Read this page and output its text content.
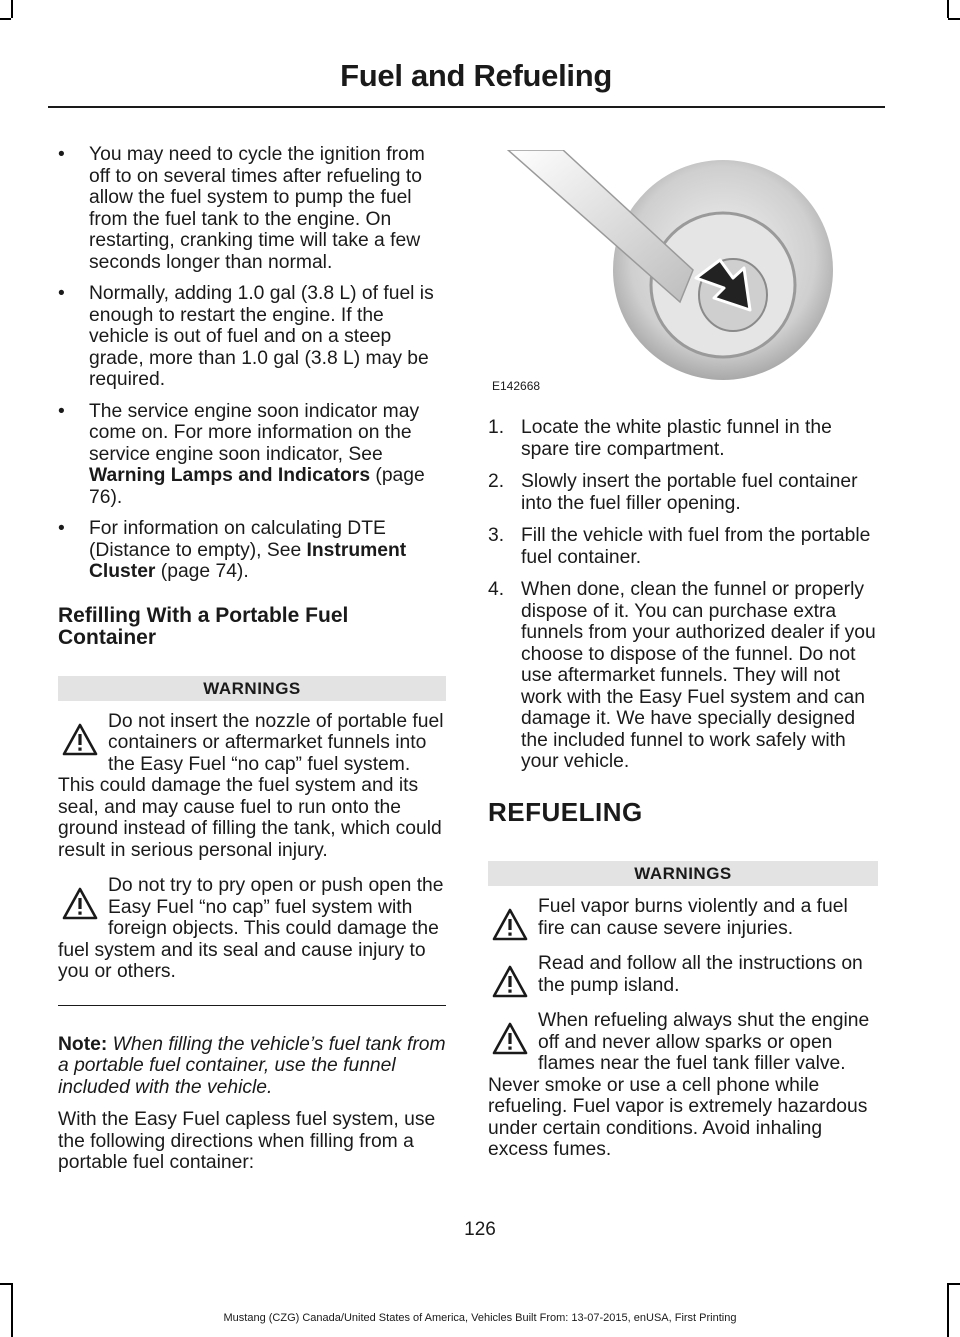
Fuel and Refueling
• You may need to cycle the ignition from off to on several times after refueling to allow the fuel system to pump the fuel from the fuel tank to the engine. On restarting, cranking time will take a few seconds longer than normal.
• Normally, adding 1.0 gal (3.8 L) of fuel is enough to restart the engine. If the vehicle is out of fuel and on a steep grade, more than 1.0 gal (3.8 L) may be required.
• The service engine soon indicator may come on. For more information on the service engine soon indicator, See Warning Lamps and Indicators (page 76).
• For information on calculating DTE (Distance to empty), See Instrument Cluster (page 74).
Refilling With a Portable Fuel Container
WARNINGS
Do not insert the nozzle of portable fuel containers or aftermarket funnels into the Easy Fuel “no cap” fuel system. This could damage the fuel system and its seal, and may cause fuel to run onto the ground instead of filling the tank, which could result in serious personal injury.
Do not try to pry open or push open the Easy Fuel “no cap” fuel system with foreign objects. This could damage the fuel system and its seal and cause injury to you or others.

Note: When filling the vehicle’s fuel tank from a portable fuel container, use the funnel included with the vehicle.

With the Easy Fuel capless fuel system, use the following directions when filling from a portable fuel container:

E142668
1. Locate the white plastic funnel in the spare tire compartment.
2. Slowly insert the portable fuel container into the fuel filler opening.
3. Fill the vehicle with fuel from the portable fuel container.
4. When done, clean the funnel or properly dispose of it. You can purchase extra funnels from your authorized dealer if you choose to dispose of the funnel. Do not use aftermarket funnels. They will not work with the Easy Fuel system and can damage it. We have specially designed the included funnel to work safely with your vehicle.
REFUELING
WARNINGS
Fuel vapor burns violently and a fuel fire can cause severe injuries.
Read and follow all the instructions on the pump island.
When refueling always shut the engine off and never allow sparks or open flames near the fuel tank filler valve. Never smoke or use a cell phone while refueling. Fuel vapor is extremely hazardous under certain conditions. Avoid inhaling excess fumes.
126
Mustang (CZG) Canada/United States of America, Vehicles Built From: 13-07-2015, enUSA, First Printing
